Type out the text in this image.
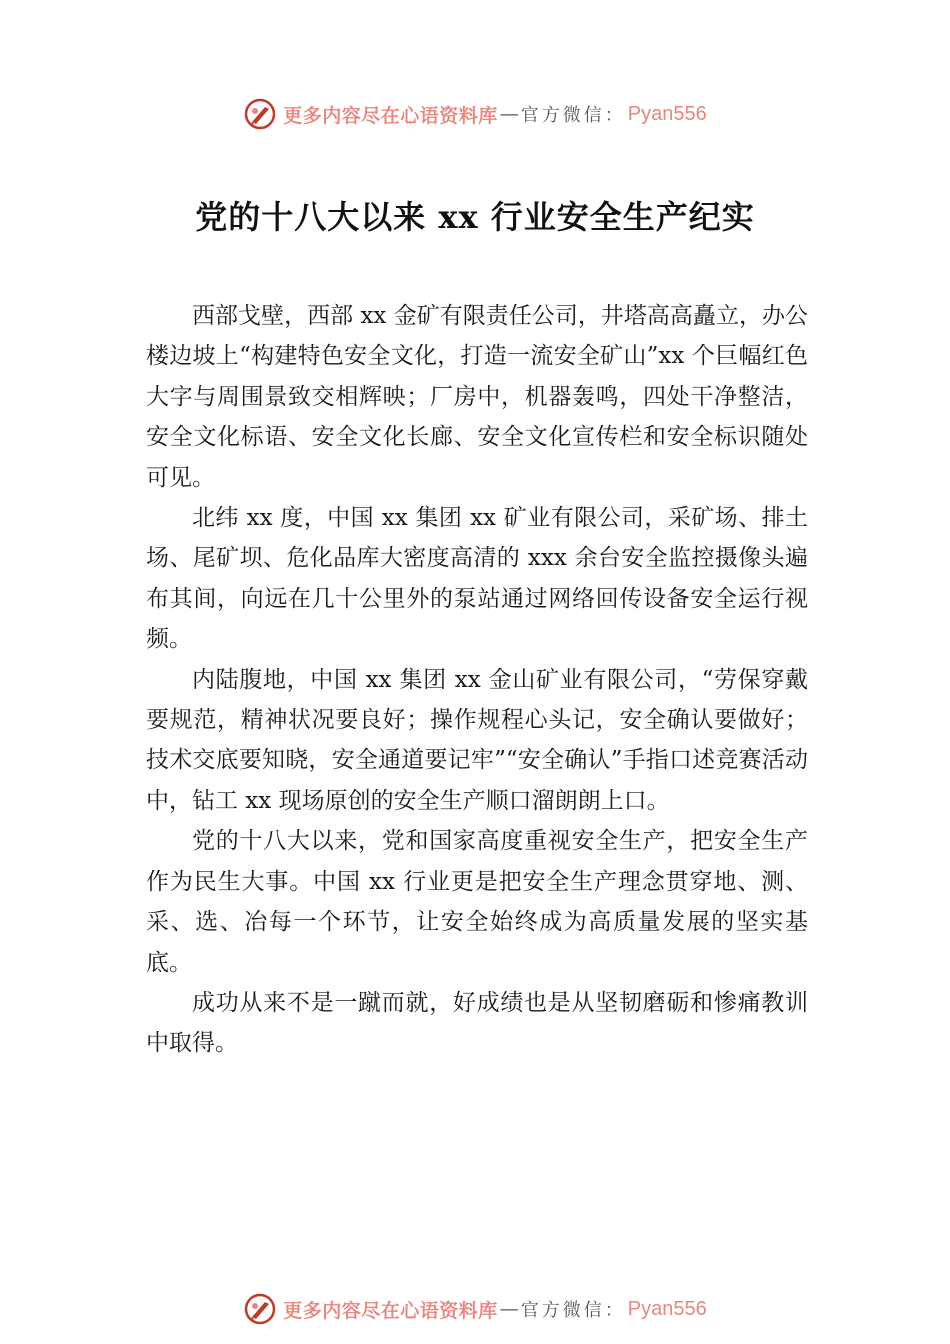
更多内容尽在心语资料库 — 官方微信： Pyan556
党的十八大以来 xx 行业安全生产纪实

西部戈壁，西部 xx 金矿有限责任公司，井塔高高矗立，办公楼边坡上“构建特色安全文化，打造一流安全矿山”xx 个巨幅红色大字与周围景致交相辉映；厂房中，机器轰鸣，四处干净整洁，安全文化标语、安全文化长廊、安全文化宣传栏和安全标识随处可见。

北纬 xx 度，中国 xx 集团 xx 矿业有限公司，采矿场、排土场、尾矿坝、危化品库大密度高清的 xxx 余台安全监控摄像头遍布其间，向远在几十公里外的泵站通过网络回传设备安全运行视频。

内陆腹地，中国 xx 集团 xx 金山矿业有限公司，“劳保穿戴要规范，精神状况要良好；操作规程心头记，安全确认要做好；技术交底要知晓，安全通道要记牢”“安全确认”手指口述竞赛活动中，钻工 xx 现场原创的安全生产顺口溜朗朗上口。

党的十八大以来，党和国家高度重视安全生产，把安全生产作为民生大事。中国 xx 行业更是把安全生产理念贯穿地、测、采、选、冶每一个环节，让安全始终成为高质量发展的坚实基底。

成功从来不是一蹴而就，好成绩也是从坚韧磨砺和惨痛教训中取得。

更多内容尽在心语资料库 — 官方微信： Pyan556
